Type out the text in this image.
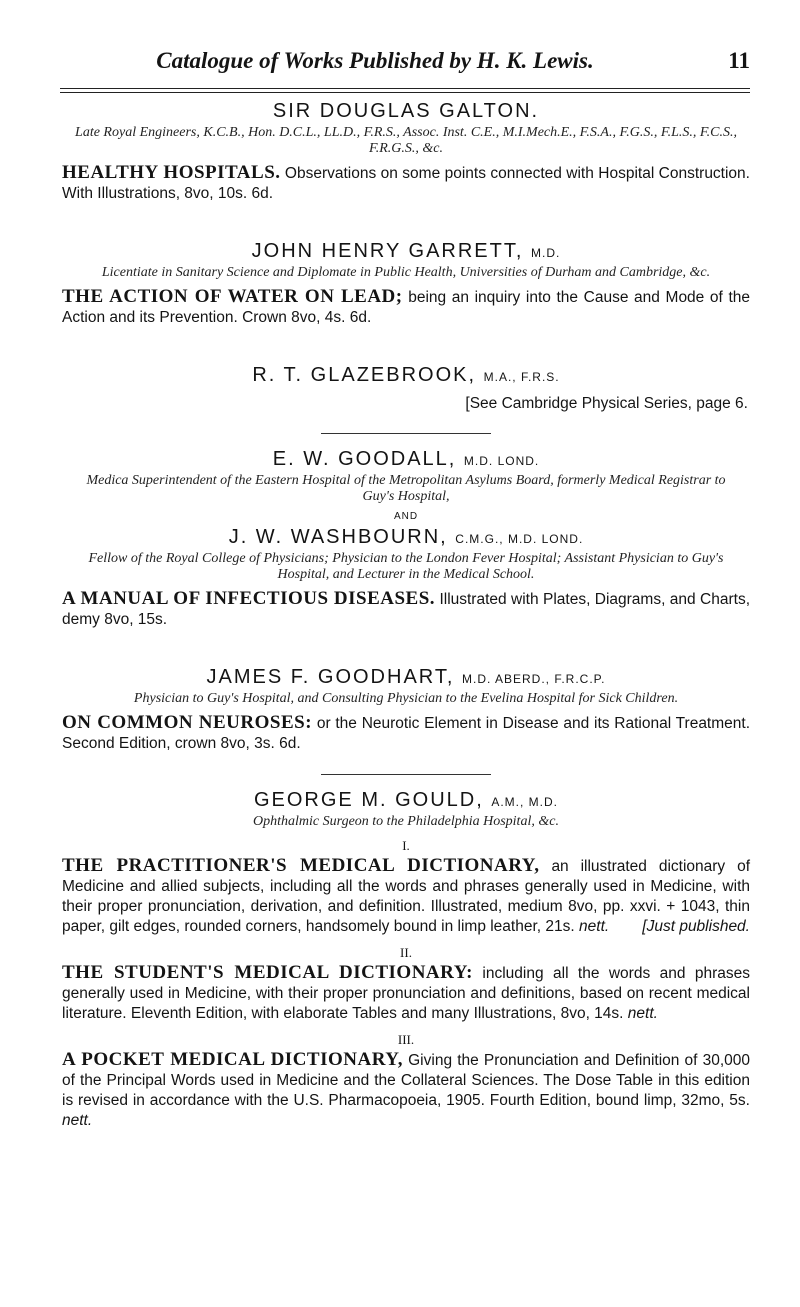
Catalogue of Works Published by H. K. Lewis.	11

SIR DOUGLAS GALTON.

Late Royal Engineers, K.C.B., Hon. D.C.L., LL.D., F.R.S., Assoc. Inst. C.E., M.I.Mech.E., F.S.A., F.G.S., F.L.S., F.C.S., F.R.G.S., &c.

HEALTHY HOSPITALS. Observations on some points connected with Hospital Construction. With Illustrations, 8vo, 10s. 6d.

JOHN HENRY GARRETT, M.D.

Licentiate in Sanitary Science and Diplomate in Public Health, Universities of Durham and Cambridge, &c.

THE ACTION OF WATER ON LEAD; being an inquiry into the Cause and Mode of the Action and its Prevention. Crown 8vo, 4s. 6d.

R. T. GLAZEBROOK, M.A., F.R.S.

[See Cambridge Physical Series, page 6.

E. W. GOODALL, M.D. LOND.

Medica Superintendent of the Eastern Hospital of the Metropolitan Asylums Board, formerly Medical Registrar to Guy's Hospital,

AND

J. W. WASHBOURN, C.M.G., M.D. LOND.

Fellow of the Royal College of Physicians; Physician to the London Fever Hospital; Assistant Physician to Guy's Hospital, and Lecturer in the Medical School.

A MANUAL OF INFECTIOUS DISEASES. Illustrated with Plates, Diagrams, and Charts, demy 8vo, 15s.

JAMES F. GOODHART, M.D. ABERD., F.R.C.P.

Physician to Guy's Hospital, and Consulting Physician to the Evelina Hospital for Sick Children.

ON COMMON NEUROSES: or the Neurotic Element in Disease and its Rational Treatment. Second Edition, crown 8vo, 3s. 6d.

GEORGE M. GOULD, A.M., M.D.

Ophthalmic Surgeon to the Philadelphia Hospital, &c.

I.

THE PRACTITIONER'S MEDICAL DICTIONARY, an illustrated dictionary of Medicine and allied subjects, including all the words and phrases generally used in Medicine, with their proper pronunciation, derivation, and definition. Illustrated, medium 8vo, pp. xxvi. + 1043, thin paper, gilt edges, rounded corners, handsomely bound in limp leather, 21s. nett. [Just published.

II.

THE STUDENT'S MEDICAL DICTIONARY: including all the words and phrases generally used in Medicine, with their proper pronunciation and definitions, based on recent medical literature. Eleventh Edition, with elaborate Tables and many Illustrations, 8vo, 14s. nett.

III.

A POCKET MEDICAL DICTIONARY, Giving the Pronunciation and Definition of 30,000 of the Principal Words used in Medicine and the Collateral Sciences. The Dose Table in this edition is revised in accordance with the U.S. Pharmacopoeia, 1905. Fourth Edition, bound limp, 32mo, 5s. nett.
